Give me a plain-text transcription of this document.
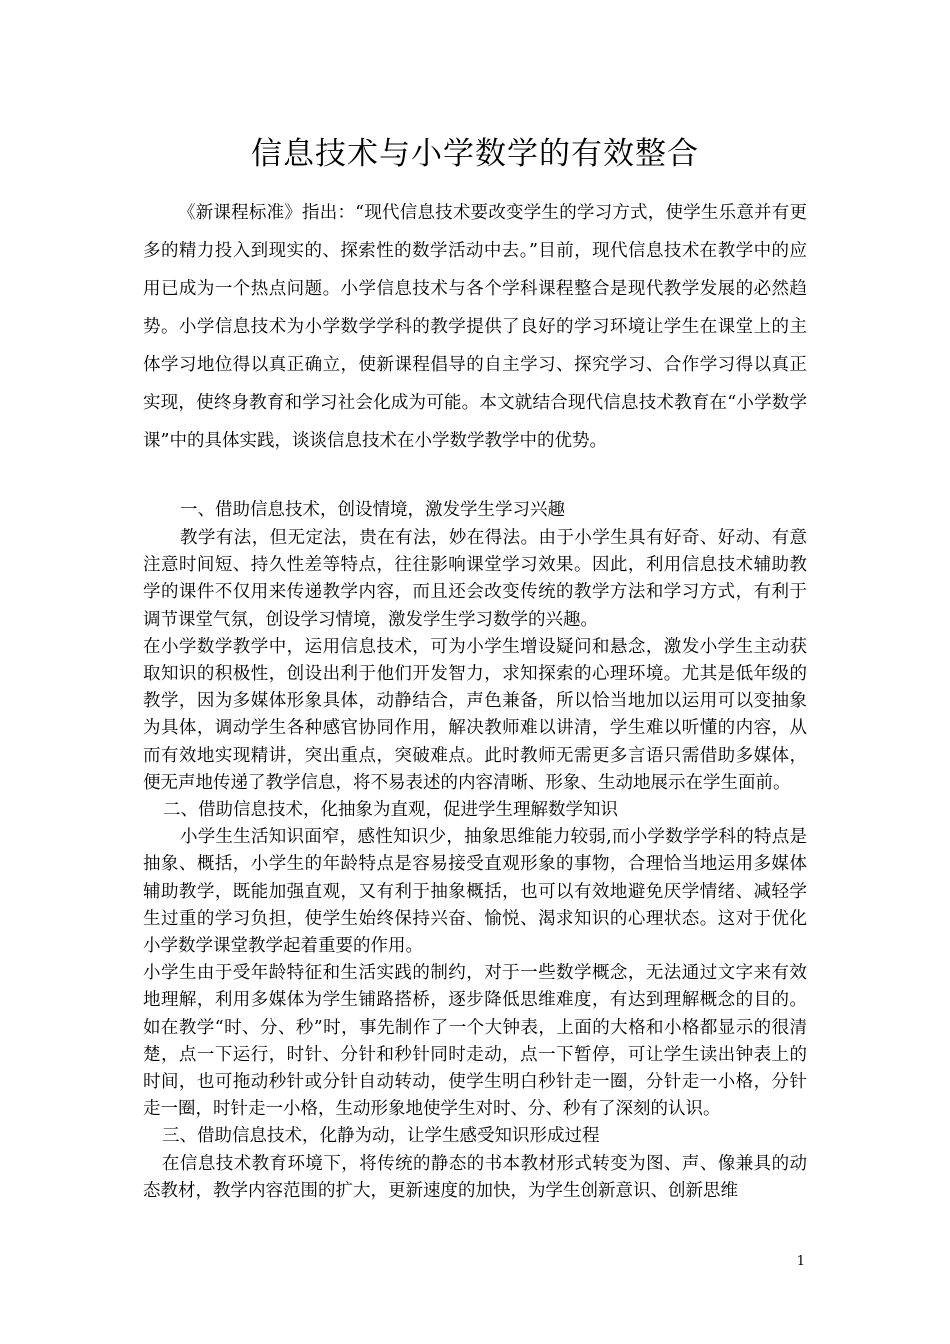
信息技术与小学数学的有效整合

《新课程标准》指出：“现代信息技术要改变学生的学习方式，使学生乐意并有更多的精力投入到现实的、探索性的数学活动中去。”目前，现代信息技术在教学中的应用已成为一个热点问题。小学信息技术与各个学科课程整合是现代教学发展的必然趋势。小学信息技术为小学数学学科的教学提供了良好的学习环境让学生在课堂上的主体学习地位得以真正确立，使新课程倡导的自主学习、探究学习、合作学习得以真正实现，使终身教育和学习社会化成为可能。本文就结合现代信息技术教育在“小学数学课”中的具体实践，谈谈信息技术在小学数学教学中的优势。

一、借助信息技术，创设情境，激发学生学习兴趣

教学有法，但无定法，贵在有法，妙在得法。由于小学生具有好奇、好动、有意注意时间短、持久性差等特点，往往影响课堂学习效果。因此，利用信息技术辅助教学的课件不仅用来传递教学内容，而且还会改变传统的教学方法和学习方式，有利于调节课堂气氛，创设学习情境，激发学生学习数学的兴趣。

在小学数学教学中，运用信息技术，可为小学生增设疑问和悬念，激发小学生主动获取知识的积极性，创设出利于他们开发智力，求知探索的心理环境。尤其是低年级的教学，因为多媒体形象具体，动静结合，声色兼备，所以恰当地加以运用可以变抽象为具体，调动学生各种感官协同作用，解决教师难以讲清，学生难以听懂的内容，从而有效地实现精讲，突出重点，突破难点。此时教师无需更多言语只需借助多媒体，便无声地传递了教学信息，将不易表述的内容清晰、形象、生动地展示在学生面前。

二、借助信息技术，化抽象为直观，促进学生理解数学知识

小学生生活知识面窄，感性知识少，抽象思维能力较弱,而小学数学学科的特点是抽象、概括，小学生的年龄特点是容易接受直观形象的事物，合理恰当地运用多媒体辅助教学，既能加强直观，又有利于抽象概括，也可以有效地避免厌学情绪、减轻学生过重的学习负担，使学生始终保持兴奋、愉悦、渴求知识的心理状态。这对于优化小学数学课堂教学起着重要的作用。

小学生由于受年龄特征和生活实践的制约，对于一些数学概念，无法通过文字来有效地理解，利用多媒体为学生铺路搭桥，逐步降低思维难度，有达到理解概念的目的。如在教学“时、分、秒”时，事先制作了一个大钟表，上面的大格和小格都显示的很清楚，点一下运行，时针、分针和秒针同时走动，点一下暂停，可让学生读出钟表上的时间，也可拖动秒针或分针自动转动，使学生明白秒针走一圈，分针走一小格，分针走一圈，时针走一小格，生动形象地使学生对时、分、秒有了深刻的认识。

三、借助信息技术，化静为动，让学生感受知识形成过程

在信息技术教育环境下，将传统的静态的书本教材形式转变为图、声、像兼具的动态教材，教学内容范围的扩大，更新速度的加快，为学生创新意识、创新思维

1
